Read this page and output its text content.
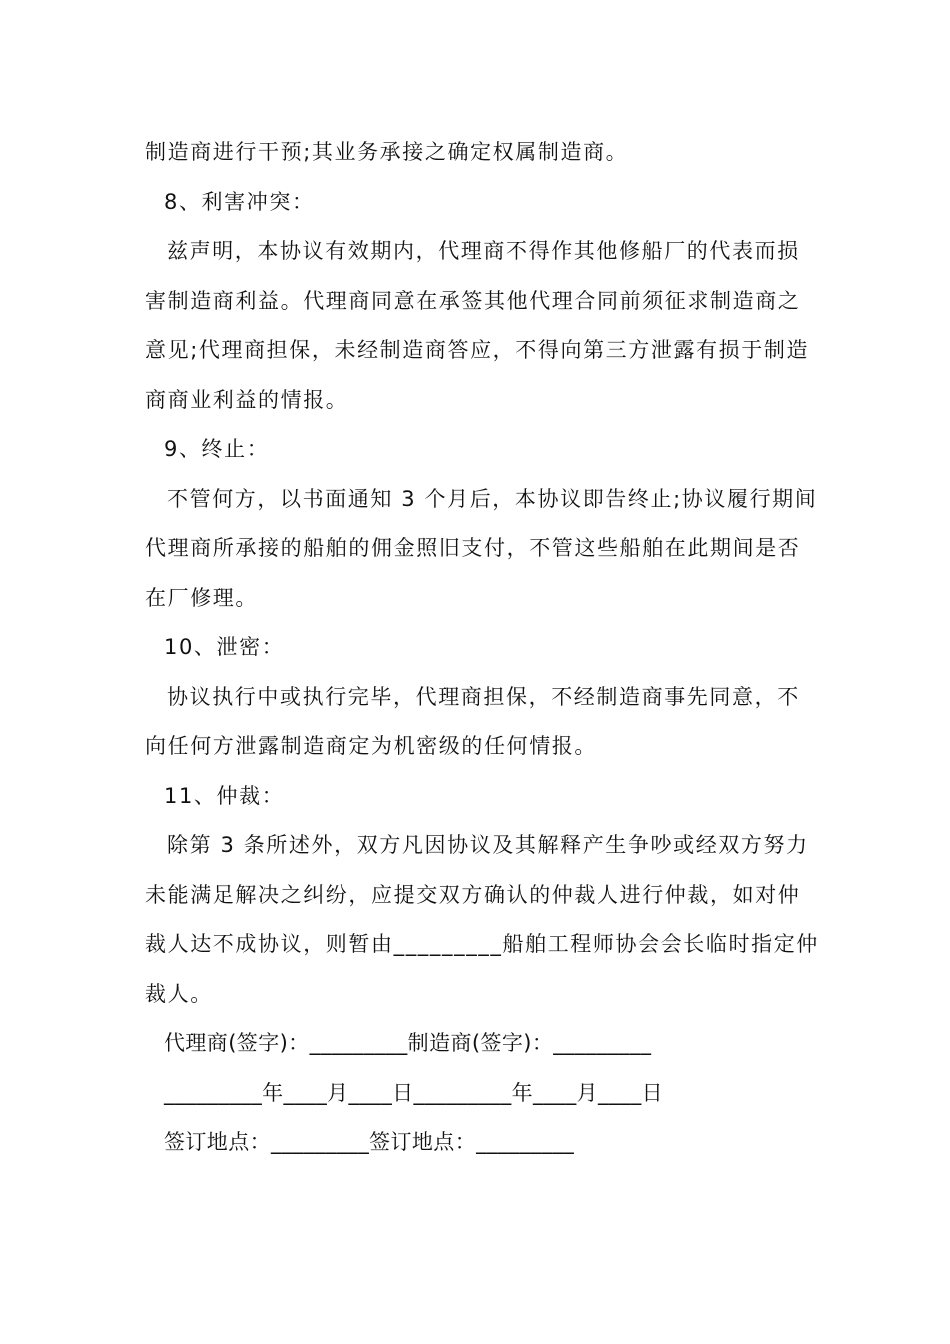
制造商进行干预;其业务承接之确定权属制造商。
8、利害冲突：
兹声明，本协议有效期内，代理商不得作其他修船厂的代表而损
害制造商利益。代理商同意在承签其他代理合同前须征求制造商之
意见;代理商担保，未经制造商答应，不得向第三方泄露有损于制造
商商业利益的情报。
9、终止：
不管何方，以书面通知 3 个月后，本协议即告终止;协议履行期间
代理商所承接的船舶的佣金照旧支付，不管这些船舶在此期间是否
在厂修理。
10、泄密：
协议执行中或执行完毕，代理商担保，不经制造商事先同意，不
向任何方泄露制造商定为机密级的任何情报。
11、仲裁：
除第 3 条所述外，双方凡因协议及其解释产生争吵或经双方努力
未能满足解决之纠纷，应提交双方确认的仲裁人进行仲裁，如对仲
裁人达不成协议，则暂由_________船舶工程师协会会长临时指定仲
裁人。
代理商(签字)：_________制造商(签字)：_________
_________年____月____日_________年____月____日
签订地点：_________签订地点：_________
